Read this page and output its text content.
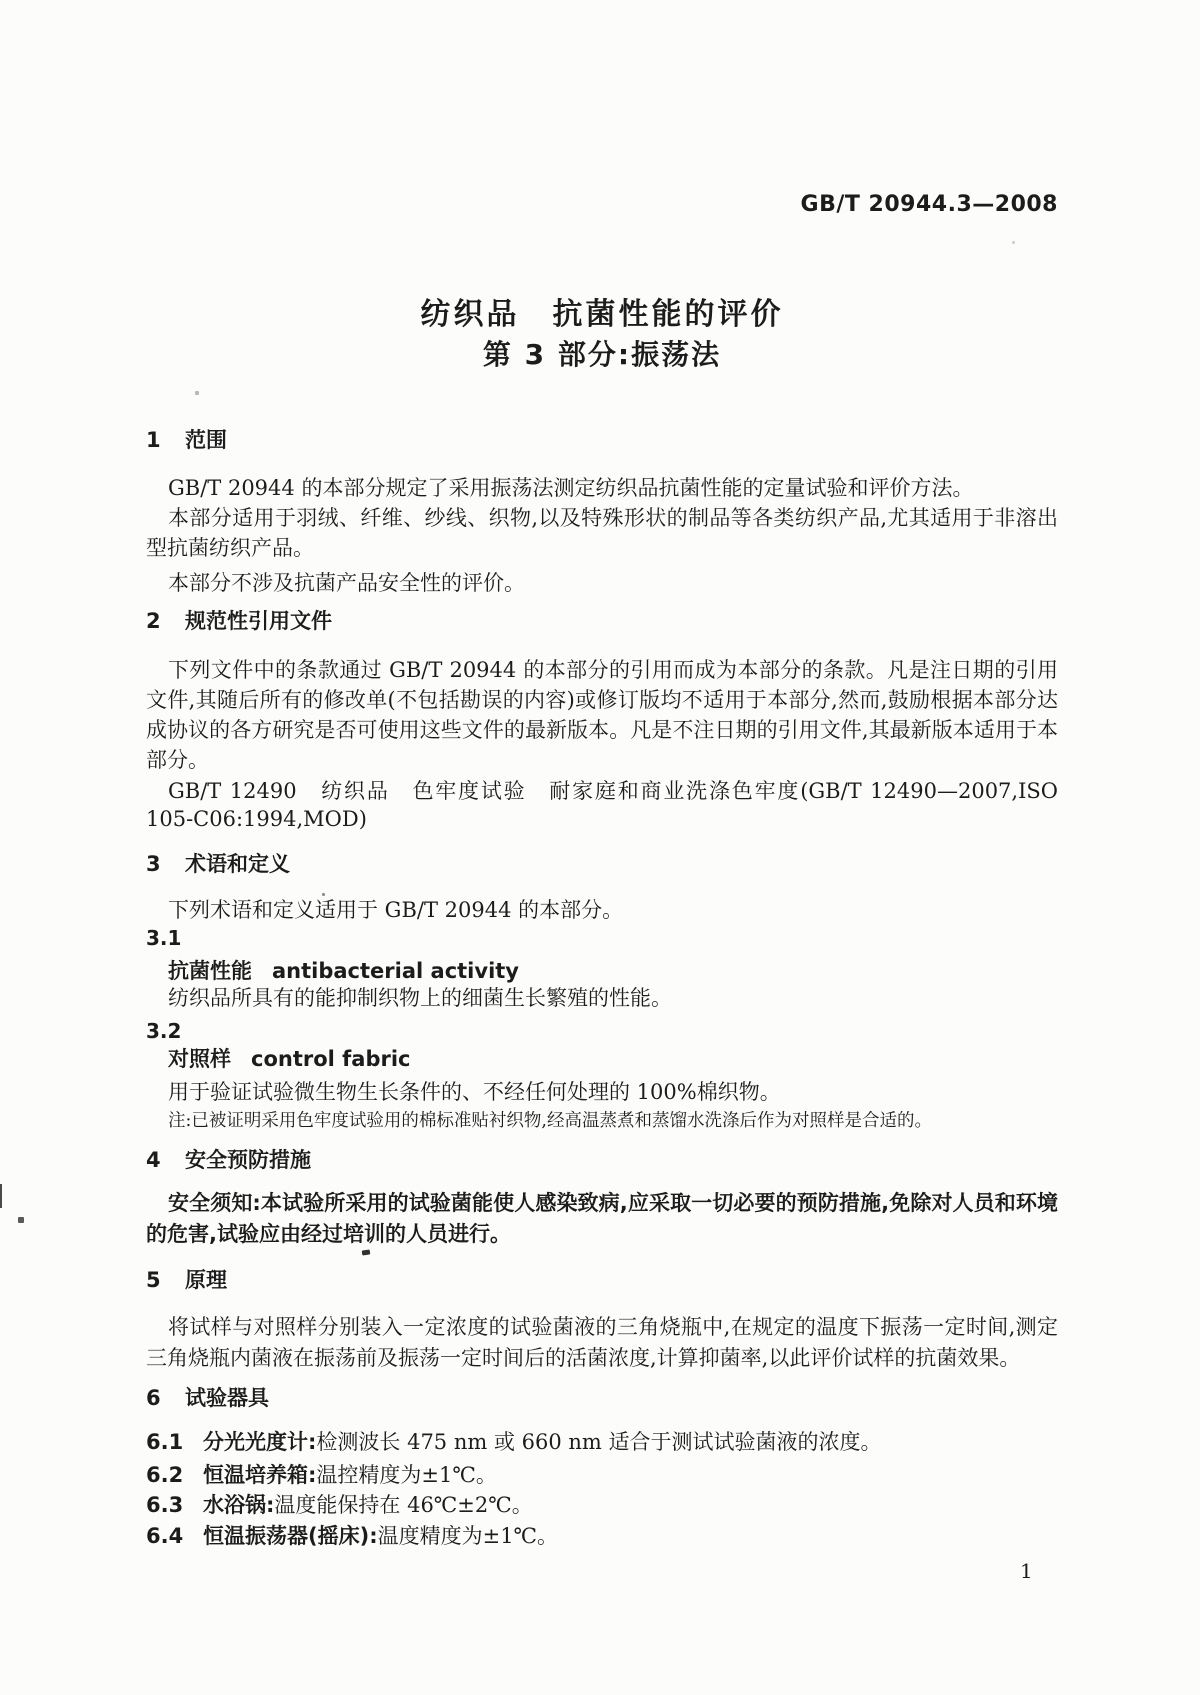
GB/T 20944.3—2008
纺织品　抗菌性能的评价
第 3 部分:振荡法
1 范围

GB/T 20944 的本部分规定了采用振荡法测定纺织品抗菌性能的定量试验和评价方法。

本部分适用于羽绒、纤维、纱线、织物,以及特殊形状的制品等各类纺织产品,尤其适用于非溶出型抗菌纺织产品。

本部分不涉及抗菌产品安全性的评价。

2 规范性引用文件

下列文件中的条款通过 GB/T 20944 的本部分的引用而成为本部分的条款。凡是注日期的引用文件,其随后所有的修改单(不包括勘误的内容)或修订版均不适用于本部分,然而,鼓励根据本部分达成协议的各方研究是否可使用这些文件的最新版本。凡是不注日期的引用文件,其最新版本适用于本部分。

GB/T 12490　纺织品　色牢度试验　耐家庭和商业洗涤色牢度(GB/T 12490—2007,ISO 105-C06:1994,MOD)

3 术语和定义

下列术语和定义适用于 GB/T 20944 的本部分。

3.1
抗菌性能 antibacterial activity

纺织品所具有的能抑制织物上的细菌生长繁殖的性能。

3.2
对照样 control fabric

用于验证试验微生物生长条件的、不经任何处理的 100%棉织物。

注:已被证明采用色牢度试验用的棉标准贴衬织物,经高温蒸煮和蒸馏水洗涤后作为对照样是合适的。
4 安全预防措施

安全须知:本试验所采用的试验菌能使人感染致病,应采取一切必要的预防措施,免除对人员和环境的危害,试验应由经过培训的人员进行。

5 原理

将试样与对照样分别装入一定浓度的试验菌液的三角烧瓶中,在规定的温度下振荡一定时间,测定三角烧瓶内菌液在振荡前及振荡一定时间后的活菌浓度,计算抑菌率,以此评价试样的抗菌效果。

6 试验器具
6.1 分光光度计:检测波长 475 nm 或 660 nm 适合于测试试验菌液的浓度。
6.2 恒温培养箱:温控精度为±1℃。
6.3 水浴锅:温度能保持在 46℃±2℃。
6.4 恒温振荡器(摇床):温度精度为±1℃。
1
